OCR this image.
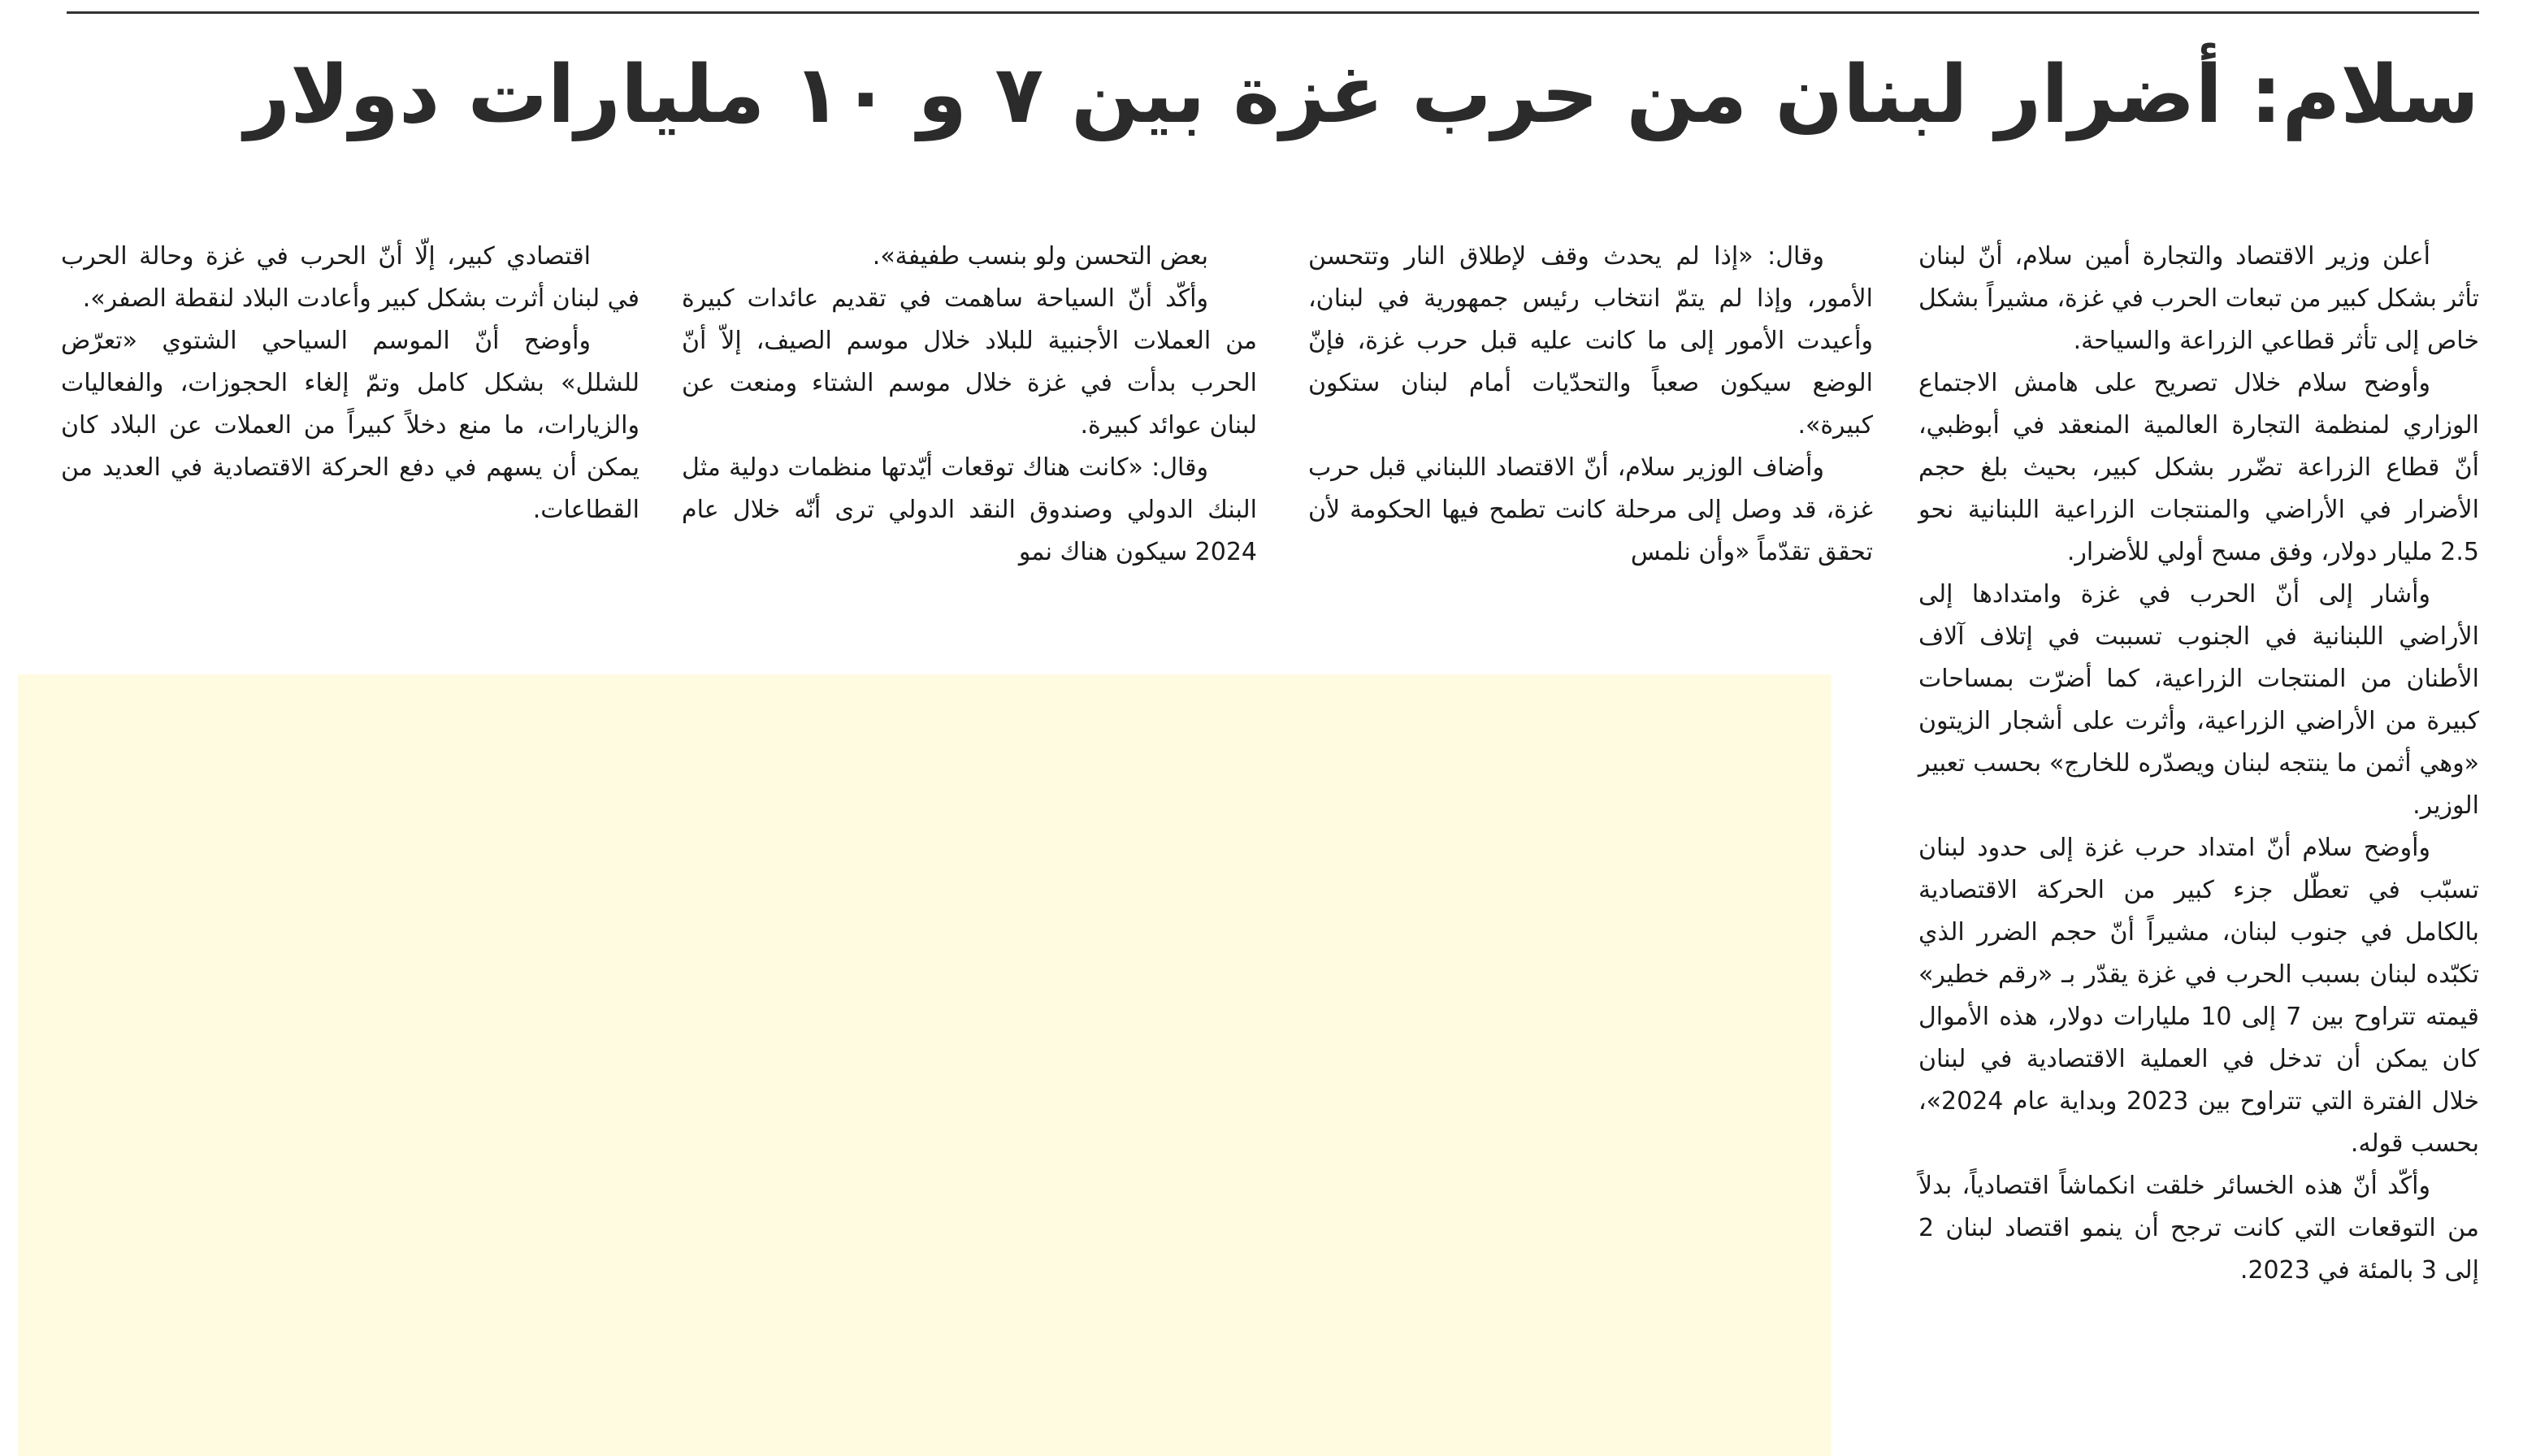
سلام: أضرار لبنان من حرب غزة بين ٧ و ١٠ مليارات دولار

أعلن وزير الاقتصاد والتجارة أمين سلام، أنّ لبنان تأثر بشكل كبير من تبعات الحرب في غزة، مشيراً بشكل خاص إلى تأثر قطاعي الزراعة والسياحة.

وأوضح سلام خلال تصريح على هامش الاجتماع الوزاري لمنظمة التجارة العالمية المنعقد في أبوظبي، أنّ قطاع الزراعة تضّرر بشكل كبير، بحيث بلغ حجم الأضرار في الأراضي والمنتجات الزراعية اللبنانية نحو 2.5 مليار دولار، وفق مسح أولي للأضرار.

وأشار إلى أنّ الحرب في غزة وامتدادها إلى الأراضي اللبنانية في الجنوب تسببت في إتلاف آلاف الأطنان من المنتجات الزراعية، كما أضرّت بمساحات كبيرة من الأراضي الزراعية، وأثرت على أشجار الزيتون «وهي أثمن ما ينتجه لبنان ويصدّره للخارج» بحسب تعبير الوزير.

وأوضح سلام أنّ امتداد حرب غزة إلى حدود لبنان تسبّب في تعطّل جزء كبير من الحركة الاقتصادية بالكامل في جنوب لبنان، مشيراً أنّ حجم الضرر الذي تكبّده لبنان بسبب الحرب في غزة يقدّر بـ «رقم خطير» قيمته تتراوح بين 7 إلى 10 مليارات دولار، هذه الأموال كان يمكن أن تدخل في العملية الاقتصادية في لبنان خلال الفترة التي تتراوح بين 2023 وبداية عام 2024»، بحسب قوله.

وأكّد أنّ هذه الخسائر خلقت انكماشاً اقتصادياً، بدلاً من التوقعات التي كانت ترجح أن ينمو اقتصاد لبنان 2 إلى 3 بالمئة في 2023.

وقال: «إذا لم يحدث وقف لإطلاق النار وتتحسن الأمور، وإذا لم يتمّ انتخاب رئيس جمهورية في لبنان، وأعيدت الأمور إلى ما كانت عليه قبل حرب غزة، فإنّ الوضع سيكون صعباً والتحدّيات أمام لبنان ستكون كبيرة».

وأضاف الوزير سلام، أنّ الاقتصاد اللبناني قبل حرب غزة، قد وصل إلى مرحلة كانت تطمح فيها الحكومة لأن تحقق تقدّماً «وأن نلمس

بعض التحسن ولو بنسب طفيفة».

وأكّد أنّ السياحة ساهمت في تقديم عائدات كبيرة من العملات الأجنبية للبلاد خلال موسم الصيف، إلاّ أنّ الحرب بدأت في غزة خلال موسم الشتاء ومنعت عن لبنان عوائد كبيرة.

وقال: «كانت هناك توقعات أيّدتها منظمات دولية مثل البنك الدولي وصندوق النقد الدولي ترى أنّه خلال عام 2024 سيكون هناك نمو

اقتصادي كبير، إلّا أنّ الحرب في غزة وحالة الحرب في لبنان أثرت بشكل كبير وأعادت البلاد لنقطة الصفر».

وأوضح أنّ الموسم السياحي الشتوي «تعرّض للشلل» بشكل كامل وتمّ إلغاء الحجوزات، والفعاليات والزيارات، ما منع دخلاً كبيراً من العملات عن البلاد كان يمكن أن يسهم في دفع الحركة الاقتصادية في العديد من القطاعات.
